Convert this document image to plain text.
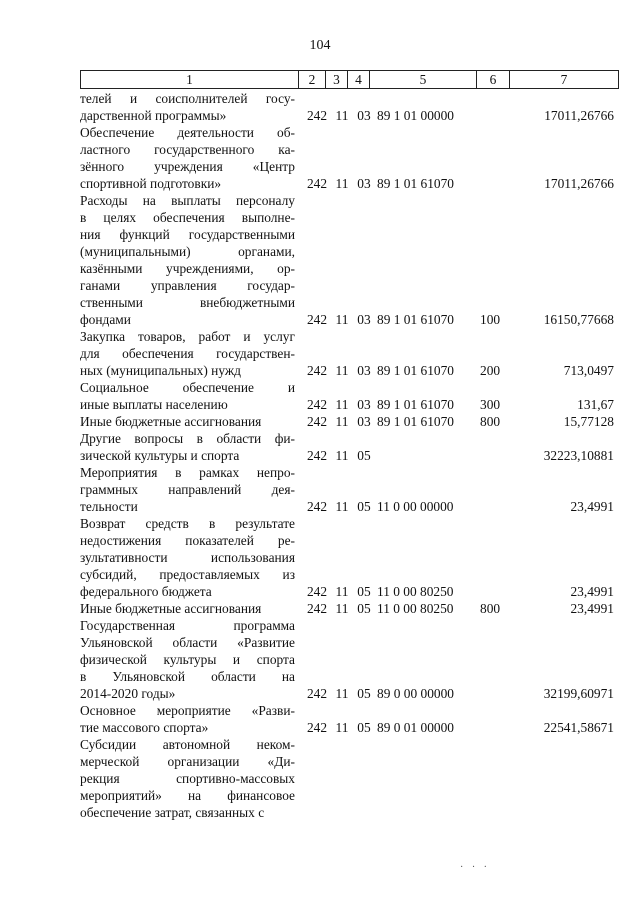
104
1	2	3	4	5	6	7
телей и соисполнителей госу-
дарственной программы»	242 11 03 89 1 01 00000	17011,26766
Обеспечение деятельности об-
ластного государственного ка-
зённого учреждения «Центр
спортивной подготовки»	242 11 03 89 1 01 61070	17011,26766
Расходы на выплаты персоналу
в целях обеспечения выполне-
ния функций государственными
(муниципальными) органами,
казёнными учреждениями, ор-
ганами управления государ-
ственными внебюджетными
фондами	242 11 03 89 1 01 61070	100	16150,77668
Закупка товаров, работ и услуг
для обеспечения государствен-
ных (муниципальных) нужд	242 11 03 89 1 01 61070	200	713,0497
Социальное обеспечение и
иные выплаты населению	242 11 03 89 1 01 61070	300	131,67
Иные бюджетные ассигнования	242 11 03 89 1 01 61070	800	15,77128
Другие вопросы в области фи-
зической культуры и спорта	242 11 05	32223,10881
Мероприятия в рамках непро-
граммных направлений дея-
тельности	242 11 05 11 0 00 00000	23,4991
Возврат средств в результате
недостижения показателей ре-
зультативности использования
субсидий, предоставляемых из
федерального бюджета	242 11 05 11 0 00 80250	23,4991
Иные бюджетные ассигнования	242 11 05 11 0 00 80250	800	23,4991
Государственная программа
Ульяновской области «Развитие
физической культуры и спорта
в Ульяновской области на
2014-2020 годы»	242 11 05 89 0 00 00000	32199,60971
Основное мероприятие «Разви-
тие массового спорта»	242 11 05 89 0 01 00000	22541,58671
Субсидии автономной неком-
мерческой организации «Ди-
рекция спортивно-массовых
мероприятий» на финансовое
обеспечение затрат, связанных с
· · ·
